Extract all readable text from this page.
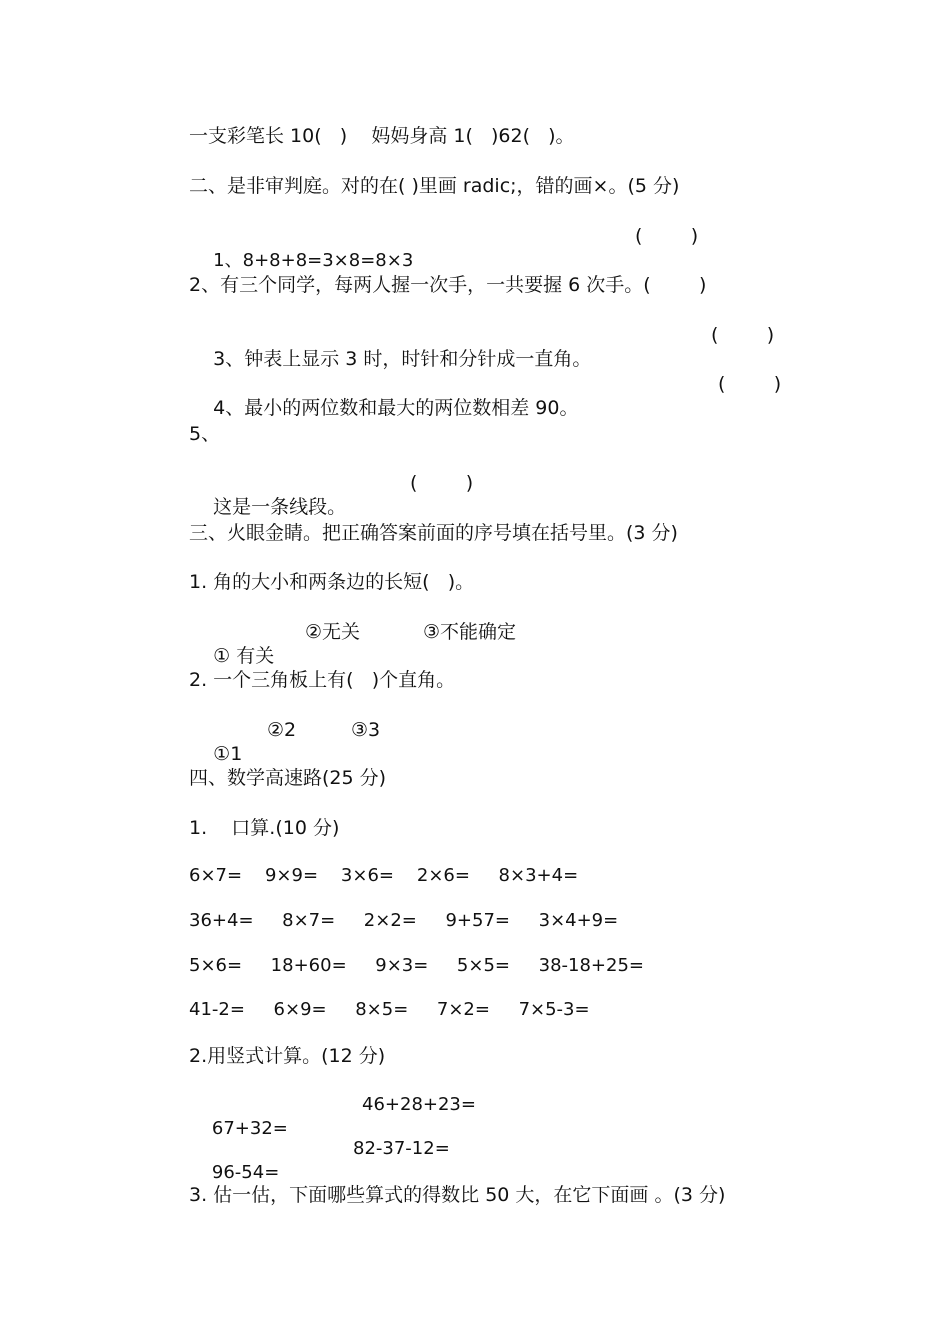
一支彩笔长 10(   )    妈妈身高 1(   )62(   )。
二、是非审判庭。对的在( )里画 radic;，错的画×。(5 分)

1、8+8+8=3×8=8×3

(        )

2、有三个同学，每两人握一次手，一共要握 6 次手。(        )

3、钟表上显示 3 时，时针和分针成一直角。

(        )

4、最小的两位数和最大的两位数相差 90。

(        )

5、

这是一条线段。

(        )

三、火眼金睛。把正确答案前面的序号填在括号里。(3 分)
1. 角的大小和两条边的长短(   )。

① 有关

②无关

	③不能确定

2. 一个三角板上有(   )个直角。

①1

②2

	③3

四、数学高速路(25 分)
1.    口算.(10 分)
6×7=    9×9=    3×6=    2×6=     8×3+4=
36+4=     8×7=     2×2=     9+57=     3×4+9=
5×6=     18+60=     9×3=     5×5=     38-18+25=
41-2=     6×9=     8×5=     7×2=     7×5-3=
2.用竖式计算。(12 分)

67+32=

46+28+23=

96-54=

82-37-12=

3. 估一估，下面哪些算式的得数比 50 大，在它下面画 。(3 分)
